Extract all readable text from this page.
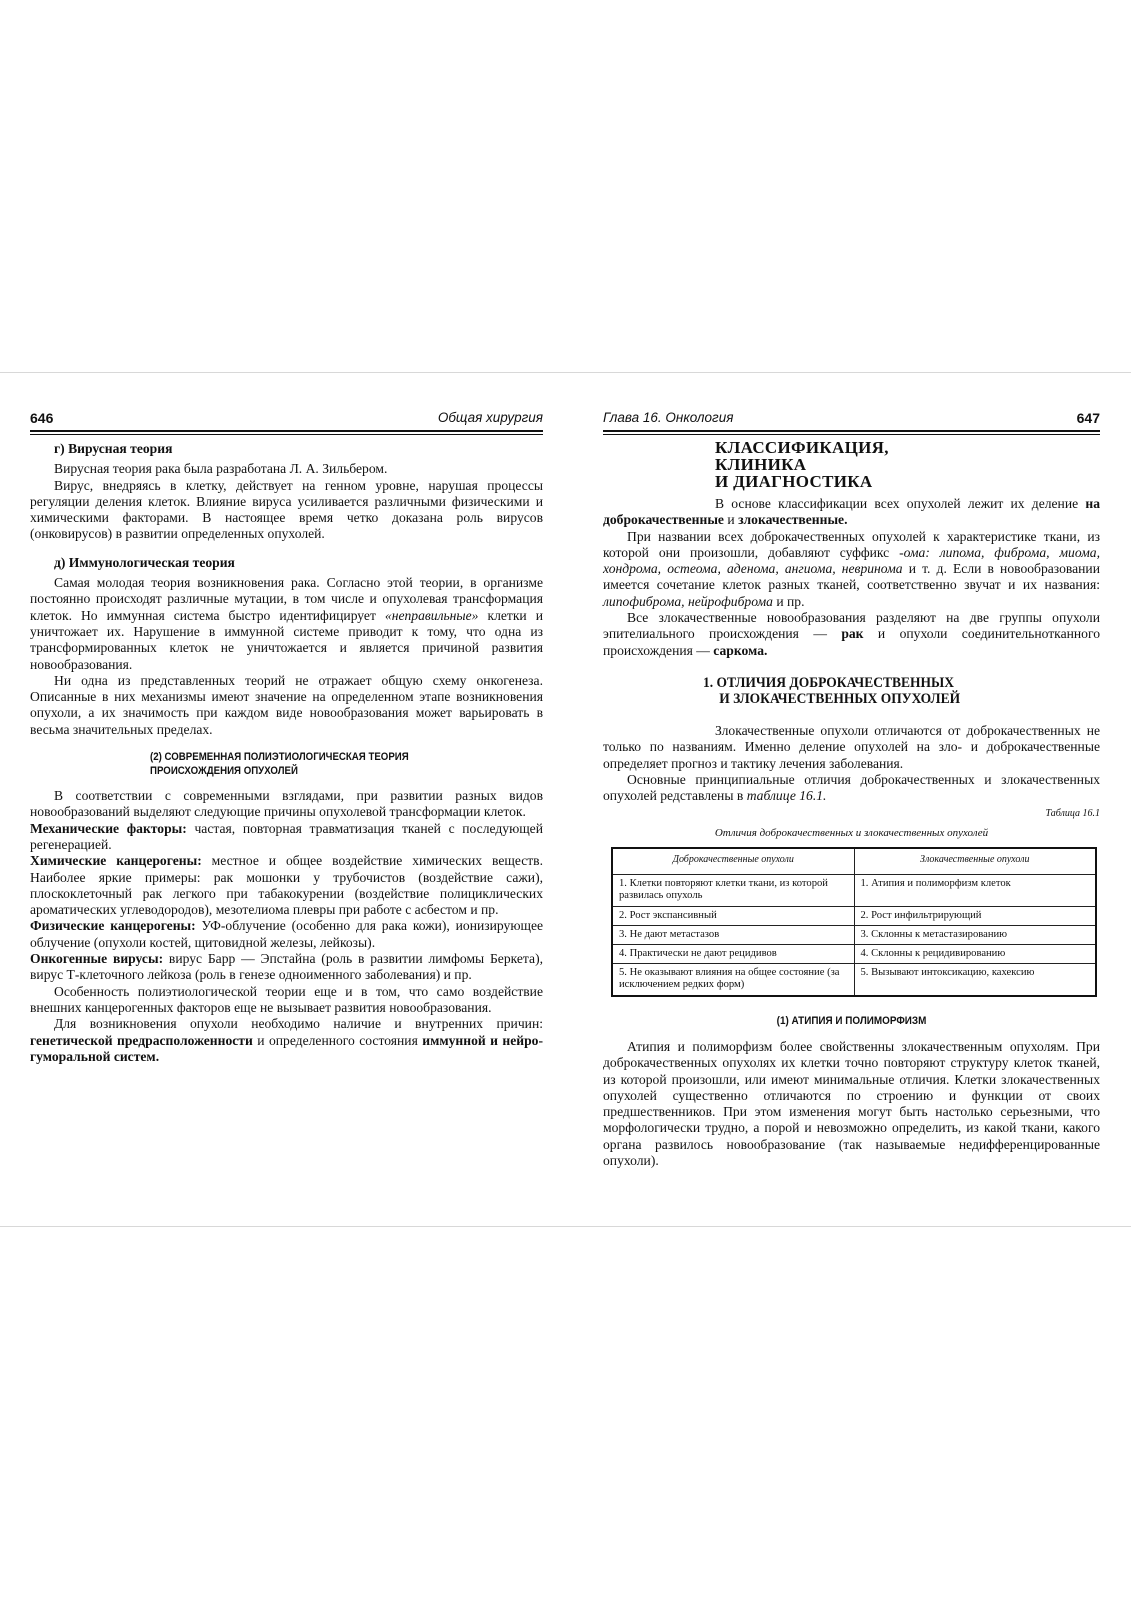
646	Общая хирургия
г) Вирусная теория

Вирусная теория рака была разработана Л. А. Зильбером.

Вирус, внедряясь в клетку, действует на генном уровне, нарушая процессы регуляции деления клеток. Влияние вируса усиливается различными физическими и химическими факторами. В настоящее время четко доказана роль вирусов (онковирусов) в развитии определенных опухолей.

д) Иммунологическая теория

Самая молодая теория возникновения рака. Согласно этой теории, в организме постоянно происходят различные мутации, в том числе и опухолевая трансформация клеток. Но иммунная система быстро идентифицирует «неправильные» клетки и уничтожает их. Нарушение в иммунной системе приводит к тому, что одна из трансформированных клеток не уничтожается и является причиной развития новообразования.

Ни одна из представленных теорий не отражает общую схему онкогенеза. Описанные в них механизмы имеют значение на определенном этапе возникновения опухоли, а их значимость при каждом виде новообразования может варьировать в весьма значительных пределах.

(2) СОВРЕМЕННАЯ ПОЛИЭТИОЛОГИЧЕСКАЯ ТЕОРИЯ
ПРОИСХОЖДЕНИЯ ОПУХОЛЕЙ

В соответствии с современными взглядами, при развитии разных видов новообразований выделяют следующие причины опухолевой трансформации клеток.

Механические факторы: частая, повторная травматизация тканей с последующей регенерацией.

Химические канцерогены: местное и общее воздействие химических веществ. Наиболее яркие примеры: рак мошонки у трубочистов (воздействие сажи), плоскоклеточный рак легкого при табакокурении (воздействие полициклических ароматических углеводородов), мезотелиома плевры при работе с асбестом и пр.

Физические канцерогены: УФ-облучение (особенно для рака кожи), ионизирующее облучение (опухоли костей, щитовидной железы, лейкозы).

Онкогенные вирусы: вирус Барр — Эпстайна (роль в развитии лимфомы Беркета), вирус Т-клеточного лейкоза (роль в генезе одноименного заболевания) и пр.

Особенность полиэтиологической теории еще и в том, что само воздействие внешних канцерогенных факторов еще не вызывает развития новообразования.

Для возникновения опухоли необходимо наличие и внутренних причин: генетической предрасположенности и определенного состояния иммунной и нейро-гуморальной систем.

Глава 16. Онкология	647
КЛАССИФИКАЦИЯ,
КЛИНИКА
И ДИАГНОСТИКА

В основе классификации всех опухолей лежит их деление на доброкачественные и злокачественные.

При названии всех доброкачественных опухолей к характеристике ткани, из которой они произошли, добавляют суффикс -ома: липома, фиброма, миома, хондрома, остеома, аденома, ангиома, невринома и т. д. Если в новообразовании имеется сочетание клеток разных тканей, соответственно звучат и их названия: липофиброма, нейрофиброма и пр.

Все злокачественные новообразования разделяют на две группы опухоли эпителиального происхождения — рак и опухоли соединительнотканного происхождения — саркома.

1. ОТЛИЧИЯ ДОБРОКАЧЕСТВЕННЫХ
И ЗЛОКАЧЕСТВЕННЫХ ОПУХОЛЕЙ

Злокачественные опухоли отличаются от доброкачественных не только по названиям. Именно деление опухолей на зло- и доброкачественные определяет прогноз и тактику лечения заболевания.

Основные принципиальные отличия доброкачественных и злокачественных опухолей редставлены в таблице 16.1.

Таблица 16.1
Отличия доброкачественных и злокачественных опухолей
Доброкачественные опухоли	Злокачественные опухоли
1. Клетки повторяют клетки ткани, из которой развилась опухоль	1. Атипия и полиморфизм клеток
2. Рост экспансивный	2. Рост инфильтрирующий
3. Не дают метастазов	3. Склонны к метастазированию
4. Практически не дают рецидивов	4. Склонны к рецидивированию
5. Не оказывают влияния на общее состояние (за исключением редких форм)	5. Вызывают интоксикацию, кахексию
(1) АТИПИЯ И ПОЛИМОРФИЗМ

Атипия и полиморфизм более свойственны злокачественным опухолям. При доброкачественных опухолях их клетки точно повторяют структуру клеток тканей, из которой произошли, или имеют минимальные отличия. Клетки злокачественных опухолей существенно отличаются по строению и функции от своих предшественников. При этом изменения могут быть настолько серьезными, что морфологически трудно, а порой и невозможно определить, из какой ткани, какого органа развилось новообразование (так называемые недифференцированные опухоли).
